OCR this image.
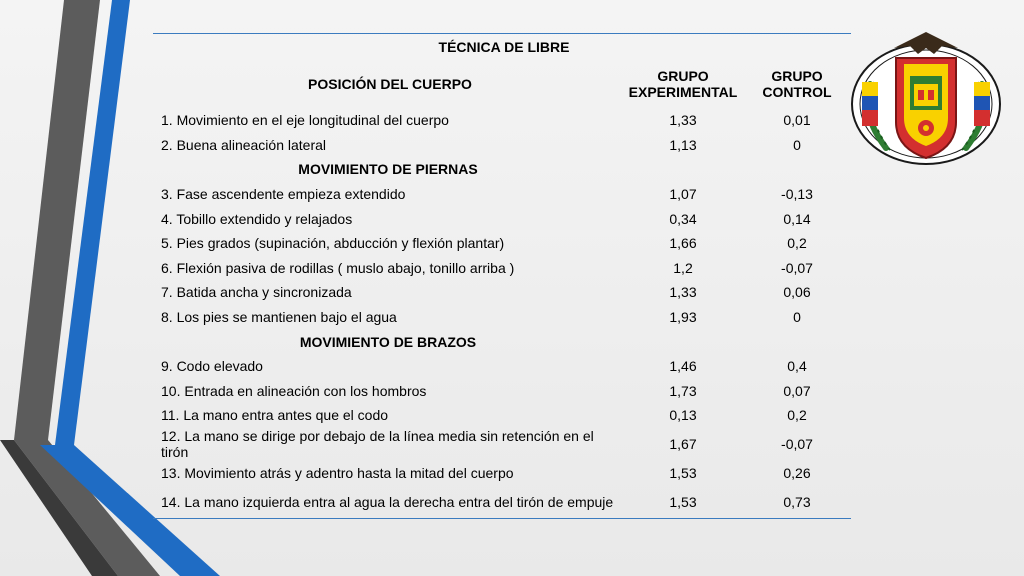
TÉCNICA DE LIBRE		
POSICIÓN DEL CUERPO	GRUPO EXPERIMENTAL	GRUPO CONTROL
1. Movimiento en el eje longitudinal del cuerpo	1,33	0,01
2. Buena alineación lateral	1,13	0
MOVIMIENTO DE PIERNAS		
3. Fase ascendente empieza extendido	1,07	-0,13
4. Tobillo extendido y relajados	0,34	0,14
5. Pies grados (supinación, abducción y flexión plantar)	1,66	0,2
6. Flexión pasiva de rodillas ( muslo abajo, tonillo arriba )	1,2	-0,07
7. Batida ancha y sincronizada	1,33	0,06
8. Los pies se mantienen bajo el agua	1,93	0
MOVIMIENTO DE BRAZOS		
9. Codo elevado	1,46	0,4
10. Entrada en alineación con los hombros	1,73	0,07
11. La mano entra antes que el codo	0,13	0,2
12. La mano se dirige por debajo de la línea media sin retención en el tirón	1,67	-0,07
13. Movimiento atrás y adentro hasta la mitad del cuerpo	1,53	0,26
14. La mano izquierda entra al agua la derecha entra del tirón de empuje	1,53	0,73
